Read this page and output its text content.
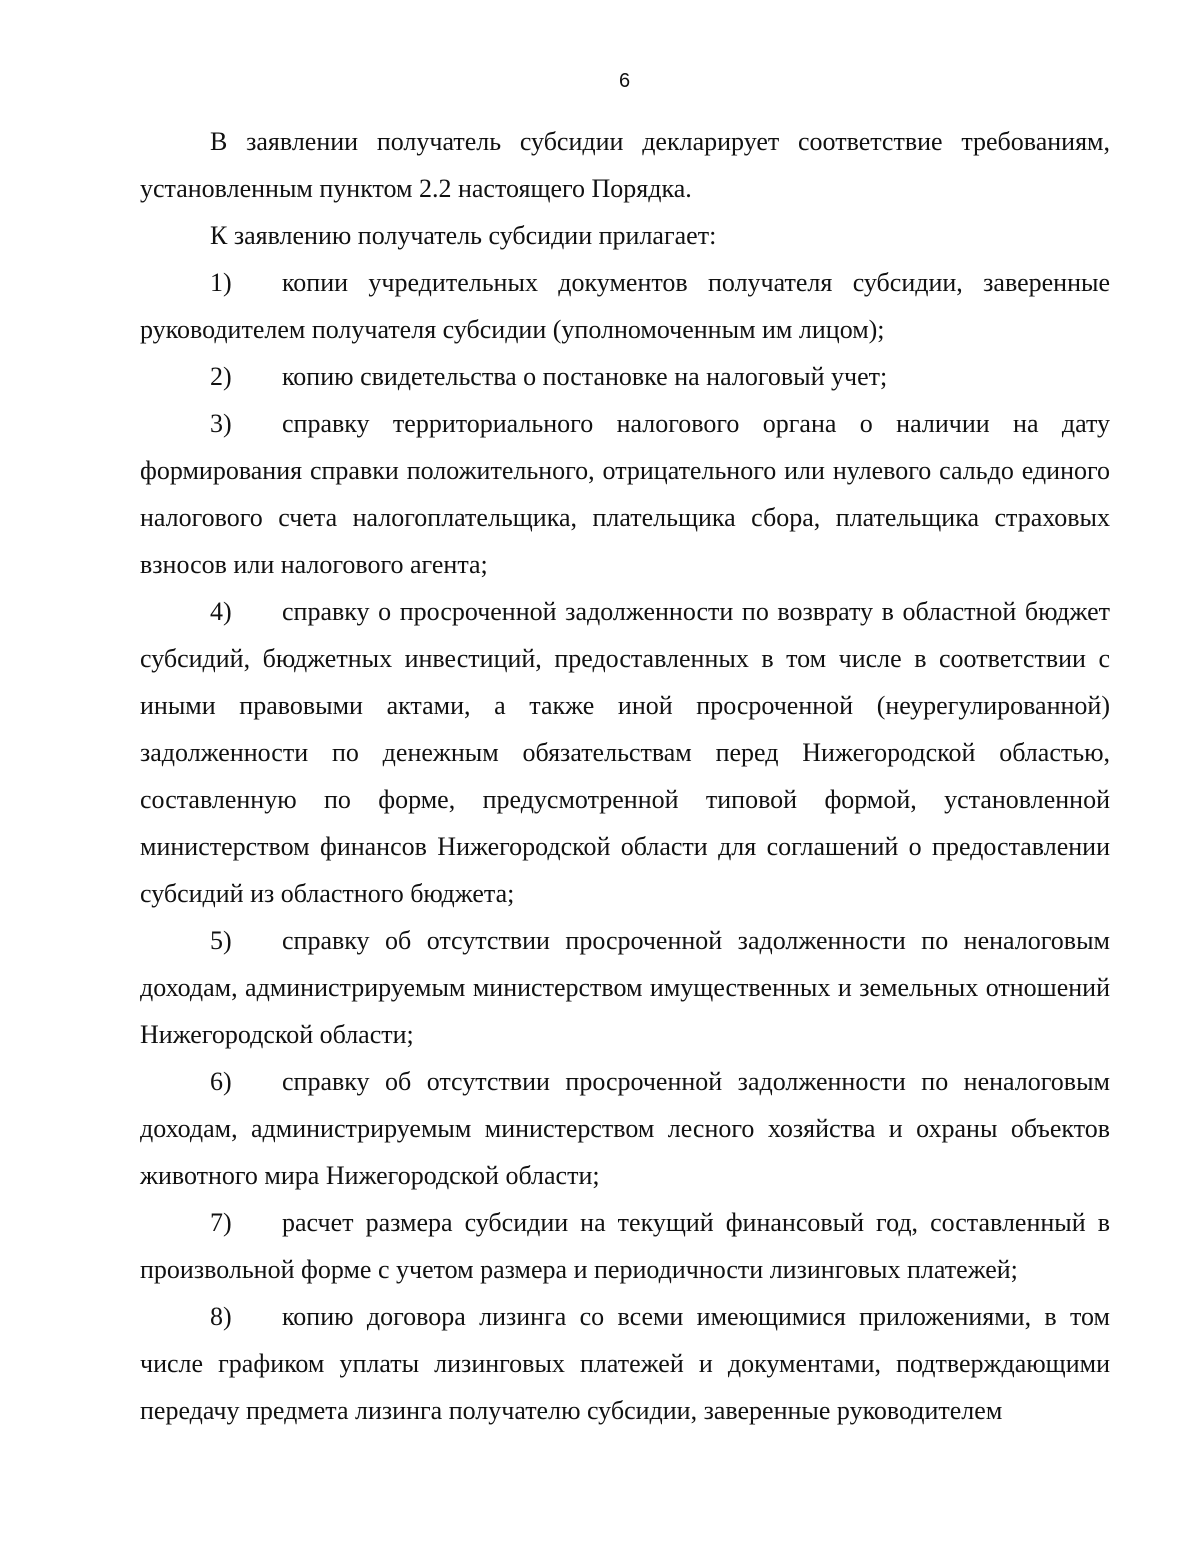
6

В заявлении получатель субсидии декларирует соответствие требованиям, установленным пунктом 2.2 настоящего Порядка.

К заявлению получатель субсидии прилагает:

1) копии учредительных документов получателя субсидии, заверенные руководителем получателя субсидии (уполномоченным им лицом);

2) копию свидетельства о постановке на налоговый учет;

3) справку территориального налогового органа о наличии на дату формирования справки положительного, отрицательного или нулевого сальдо единого налогового счета налогоплательщика, плательщика сбора, плательщика страховых взносов или налогового агента;

4) справку о просроченной задолженности по возврату в областной бюджет субсидий, бюджетных инвестиций, предоставленных в том числе в соответствии с иными правовыми актами, а также иной просроченной (неурегулированной) задолженности по денежным обязательствам перед Нижегородской областью, составленную по форме, предусмотренной типовой формой, установленной министерством финансов Нижегородской области для соглашений о предоставлении субсидий из областного бюджета;

5) справку об отсутствии просроченной задолженности по неналоговым доходам, администрируемым министерством имущественных и земельных отношений Нижегородской области;

6) справку об отсутствии просроченной задолженности по неналоговым доходам, администрируемым министерством лесного хозяйства и охраны объектов животного мира Нижегородской области;

7) расчет размера субсидии на текущий финансовый год, составленный в произвольной форме с учетом размера и периодичности лизинговых платежей;

8) копию договора лизинга со всеми имеющимися приложениями, в том числе графиком уплаты лизинговых платежей и документами, подтверждающими передачу предмета лизинга получателю субсидии, заверенные руководителем
